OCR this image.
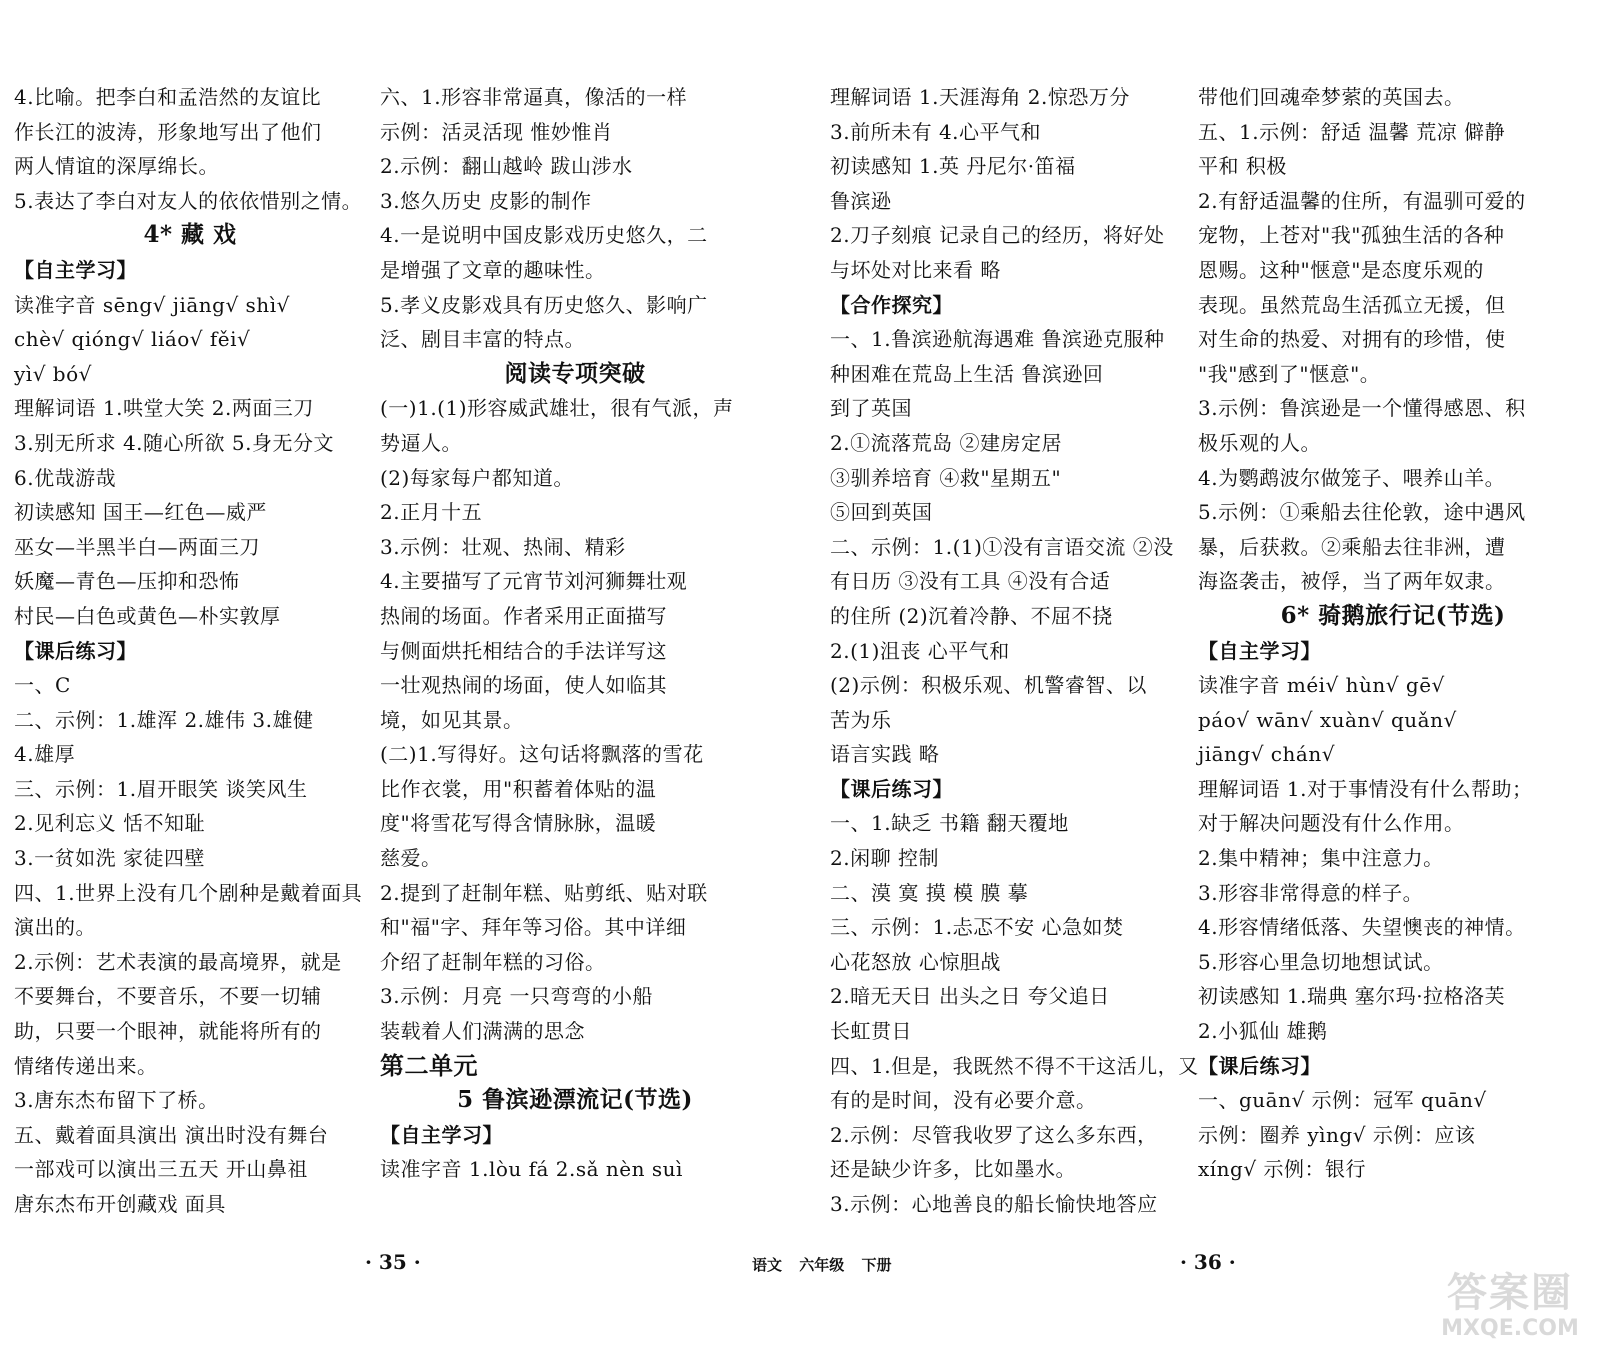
4.比喻。把李白和孟浩然的友谊比
作长江的波涛，形象地写出了他们
两人情谊的深厚绵长。
5.表达了李白对友人的依依惜别之情。
4* 藏 戏
【自主学习】
读准字音 sēng√ jiāng√ shì√
chè√ qióng√ liáo√ fěi√
yì√ bó√
理解词语 1.哄堂大笑 2.两面三刀
3.别无所求 4.随心所欲 5.身无分文
6.优哉游哉
初读感知 国王—红色—威严
巫女—半黑半白—两面三刀
妖魔—青色—压抑和恐怖
村民—白色或黄色—朴实敦厚
【课后练习】
一、C
二、示例：1.雄浑 2.雄伟 3.雄健
4.雄厚
三、示例：1.眉开眼笑 谈笑风生
2.见利忘义 恬不知耻
3.一贫如洗 家徒四壁
四、1.世界上没有几个剧种是戴着面具
演出的。
2.示例：艺术表演的最高境界，就是
不要舞台，不要音乐，不要一切辅
助，只要一个眼神，就能将所有的
情绪传递出来。
3.唐东杰布留下了桥。
五、戴着面具演出 演出时没有舞台
一部戏可以演出三五天 开山鼻祖
唐东杰布开创藏戏 面具
六、1.形容非常逼真，像活的一样
示例：活灵活现 惟妙惟肖
2.示例：翻山越岭 跋山涉水
3.悠久历史 皮影的制作
4.一是说明中国皮影戏历史悠久，二
是增强了文章的趣味性。
5.孝义皮影戏具有历史悠久、影响广
泛、剧目丰富的特点。
阅读专项突破
(一)1.(1)形容威武雄壮，很有气派，声
势逼人。
(2)每家每户都知道。
2.正月十五
3.示例：壮观、热闹、精彩
4.主要描写了元宵节刘河狮舞壮观
热闹的场面。作者采用正面描写
与侧面烘托相结合的手法详写这
一壮观热闹的场面，使人如临其
境，如见其景。
(二)1.写得好。这句话将飘落的雪花
比作衣裳，用"积蓄着体贴的温
度"将雪花写得含情脉脉，温暖
慈爱。
2.提到了赶制年糕、贴剪纸、贴对联
和"福"字、拜年等习俗。其中详细
介绍了赶制年糕的习俗。
3.示例：月亮 一只弯弯的小船
装载着人们满满的思念
第二单元
5 鲁滨逊漂流记(节选)
【自主学习】
读准字音 1.lòu fá 2.sǎ nèn suì
理解词语 1.天涯海角 2.惊恐万分
3.前所未有 4.心平气和
初读感知 1.英 丹尼尔·笛福
鲁滨逊
2.刀子刻痕 记录自己的经历，将好处
与坏处对比来看 略
【合作探究】
一、1.鲁滨逊航海遇难 鲁滨逊克服种
种困难在荒岛上生活 鲁滨逊回
到了英国
2.①流落荒岛 ②建房定居
③驯养培育 ④救"星期五"
⑤回到英国
二、示例：1.(1)①没有言语交流 ②没
有日历 ③没有工具 ④没有合适
的住所 (2)沉着冷静、不屈不挠
2.(1)沮丧 心平气和
(2)示例：积极乐观、机警睿智、以
苦为乐
语言实践 略
【课后练习】
一、1.缺乏 书籍 翻天覆地
2.闲聊 控制
二、漠 寞 摸 模 膜 摹
三、示例：1.忐忑不安 心急如焚
心花怒放 心惊胆战
2.暗无天日 出头之日 夸父追日
长虹贯日
四、1.但是，我既然不得不干这活儿，又
有的是时间，没有必要介意。
2.示例：尽管我收罗了这么多东西，
还是缺少许多，比如墨水。
3.示例：心地善良的船长愉快地答应
带他们回魂牵梦萦的英国去。
五、1.示例：舒适 温馨 荒凉 僻静
平和 积极
2.有舒适温馨的住所，有温驯可爱的
宠物，上苍对"我"孤独生活的各种
恩赐。这种"惬意"是态度乐观的
表现。虽然荒岛生活孤立无援，但
对生命的热爱、对拥有的珍惜，使
"我"感到了"惬意"。
3.示例：鲁滨逊是一个懂得感恩、积
极乐观的人。
4.为鹦鹉波尔做笼子、喂养山羊。
5.示例：①乘船去往伦敦，途中遇风
暴，后获救。②乘船去往非洲，遭
海盗袭击，被俘，当了两年奴隶。
6* 骑鹅旅行记(节选)
【自主学习】
读准字音 méi√ hùn√ gē√
páo√ wān√ xuàn√ quǎn√
jiāng√ chán√
理解词语 1.对于事情没有什么帮助；
对于解决问题没有什么作用。
2.集中精神；集中注意力。
3.形容非常得意的样子。
4.形容情绪低落、失望懊丧的神情。
5.形容心里急切地想试试。
初读感知 1.瑞典 塞尔玛·拉格洛芙
2.小狐仙 雄鹅
【课后练习】
一、guān√ 示例：冠军 quān√
示例：圈养 yìng√ 示例：应该
xíng√ 示例：银行
· 35 ·	语文 六年级 下册	· 36 ·
答案圈
MXQE.COM
